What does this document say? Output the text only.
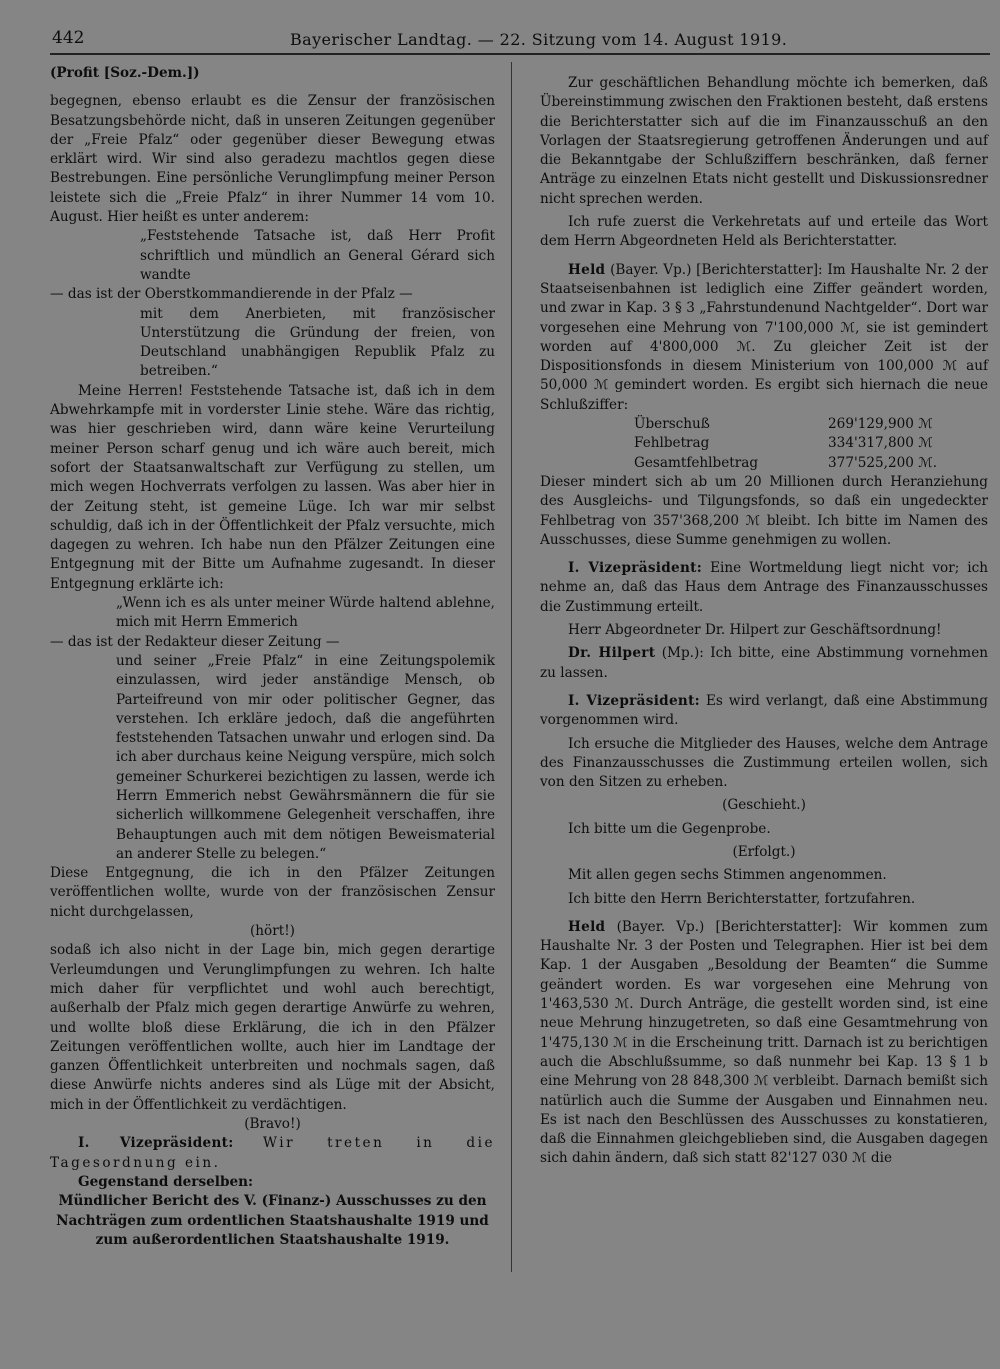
442	Bayerischer Landtag. — 22. Sitzung vom 14. August 1919.

(Profit [Soz.-Dem.])

begegnen, ebenso erlaubt es die Zensur der französischen Besatzungsbehörde nicht, daß in unseren Zeitungen gegenüber der „Freie Pfalz“ oder gegenüber dieser Bewegung etwas erklärt wird. Wir sind also geradezu machtlos gegen diese Bestrebungen. Eine persönliche Verunglimpfung meiner Person leistete sich die „Freie Pfalz“ in ihrer Nummer 14 vom 10. August. Hier heißt es unter anderem:

„Feststehende Tatsache ist, daß Herr Profit schriftlich und mündlich an General Gérard sich wandte

— das ist der Oberstkommandierende in der Pfalz —

mit dem Anerbieten, mit französischer Unterstützung die Gründung der freien, von Deutschland unabhängigen Republik Pfalz zu betreiben.“

Meine Herren! Feststehende Tatsache ist, daß ich in dem Abwehrkampfe mit in vorderster Linie stehe. Wäre das richtig, was hier geschrieben wird, dann wäre keine Verurteilung meiner Person scharf genug und ich wäre auch bereit, mich sofort der Staatsanwaltschaft zur Verfügung zu stellen, um mich wegen Hochverrats verfolgen zu lassen. Was aber hier in der Zeitung steht, ist gemeine Lüge. Ich war mir selbst schuldig, daß ich in der Öffentlichkeit der Pfalz versuchte, mich dagegen zu wehren. Ich habe nun den Pfälzer Zeitungen eine Entgegnung mit der Bitte um Aufnahme zugesandt. In dieser Entgegnung erklärte ich:

„Wenn ich es als unter meiner Würde haltend ablehne, mich mit Herrn Emmerich

— das ist der Redakteur dieser Zeitung —

und seiner „Freie Pfalz“ in eine Zeitungspolemik einzulassen, wird jeder anständige Mensch, ob Parteifreund von mir oder politischer Gegner, das verstehen. Ich erkläre jedoch, daß die angeführten feststehenden Tatsachen unwahr und erlogen sind. Da ich aber durchaus keine Neigung verspüre, mich solch gemeiner Schurkerei bezichtigen zu lassen, werde ich Herrn Emmerich nebst Gewährsmännern die für sie sicherlich willkommene Gelegenheit verschaffen, ihre Behauptungen auch mit dem nötigen Beweismaterial an anderer Stelle zu belegen.“

Diese Entgegnung, die ich in den Pfälzer Zeitungen veröffentlichen wollte, wurde von der französischen Zensur nicht durchgelassen,

(hört!)

sodaß ich also nicht in der Lage bin, mich gegen derartige Verleumdungen und Verunglimpfungen zu wehren. Ich halte mich daher für verpflichtet und wohl auch berechtigt, außerhalb der Pfalz mich gegen derartige Anwürfe zu wehren, und wollte bloß diese Erklärung, die ich in den Pfälzer Zeitungen veröffentlichen wollte, auch hier im Landtage der ganzen Öffentlichkeit unterbreiten und nochmals sagen, daß diese Anwürfe nichts anderes sind als Lüge mit der Absicht, mich in der Öffentlichkeit zu verdächtigen.

(Bravo!)

I. Vizepräsident: Wir treten in die Tagesordnung ein.

Gegenstand derselben:

Mündlicher Bericht des V. (Finanz-) Ausschusses zu den Nachträgen zum ordentlichen Staatshaushalte 1919 und zum außerordentlichen Staatshaushalte 1919.

Zur geschäftlichen Behandlung möchte ich bemerken, daß Übereinstimmung zwischen den Fraktionen besteht, daß erstens die Berichterstatter sich auf die im Finanzausschuß an den Vorlagen der Staatsregierung getroffenen Änderungen und auf die Bekanntgabe der Schlußziffern beschränken, daß ferner Anträge zu einzelnen Etats nicht gestellt und Diskussionsredner nicht sprechen werden.

Ich rufe zuerst die Verkehretats auf und erteile das Wort dem Herrn Abgeordneten Held als Berichterstatter.

Held (Bayer. Vp.) [Berichterstatter]: Im Haushalte Nr. 2 der Staatseisenbahnen ist lediglich eine Ziffer geändert worden, und zwar in Kap. 3 § 3 „Fahrstundenund Nachtgelder“. Dort war vorgesehen eine Mehrung von 7'100,000 ℳ, sie ist gemindert worden auf 4'800,000 ℳ. Zu gleicher Zeit ist der Dispositionsfonds in diesem Ministerium von 100,000 ℳ auf 50,000 ℳ gemindert worden. Es ergibt sich hiernach die neue Schlußziffer:

Überschuß	269'129,900 ℳ
Fehlbetrag	334'317,800 ℳ
Gesamtfehlbetrag	377'525,200 ℳ.

Dieser mindert sich ab um 20 Millionen durch Heranziehung des Ausgleichs- und Tilgungsfonds, so daß ein ungedeckter Fehlbetrag von 357'368,200 ℳ bleibt. Ich bitte im Namen des Ausschusses, diese Summe genehmigen zu wollen.

I. Vizepräsident: Eine Wortmeldung liegt nicht vor; ich nehme an, daß das Haus dem Antrage des Finanzausschusses die Zustimmung erteilt.

Herr Abgeordneter Dr. Hilpert zur Geschäftsordnung!

Dr. Hilpert (Mp.): Ich bitte, eine Abstimmung vornehmen zu lassen.

I. Vizepräsident: Es wird verlangt, daß eine Abstimmung vorgenommen wird.

Ich ersuche die Mitglieder des Hauses, welche dem Antrage des Finanzausschusses die Zustimmung erteilen wollen, sich von den Sitzen zu erheben.

(Geschieht.)

Ich bitte um die Gegenprobe.

(Erfolgt.)

Mit allen gegen sechs Stimmen angenommen.

Ich bitte den Herrn Berichterstatter, fortzufahren.

Held (Bayer. Vp.) [Berichterstatter]: Wir kommen zum Haushalte Nr. 3 der Posten und Telegraphen. Hier ist bei dem Kap. 1 der Ausgaben „Besoldung der Beamten“ die Summe geändert worden. Es war vorgesehen eine Mehrung von 1'463,530 ℳ. Durch Anträge, die gestellt worden sind, ist eine neue Mehrung hinzugetreten, so daß eine Gesamtmehrung von 1'475,130 ℳ in die Erscheinung tritt. Darnach ist zu berichtigen auch die Abschlußsumme, so daß nunmehr bei Kap. 13 § 1 b eine Mehrung von 28 848,300 ℳ verbleibt. Darnach bemißt sich natürlich auch die Summe der Ausgaben und Einnahmen neu. Es ist nach den Beschlüssen des Ausschusses zu konstatieren, daß die Einnahmen gleichgeblieben sind, die Ausgaben dagegen sich dahin ändern, daß sich statt 82'127 030 ℳ die
